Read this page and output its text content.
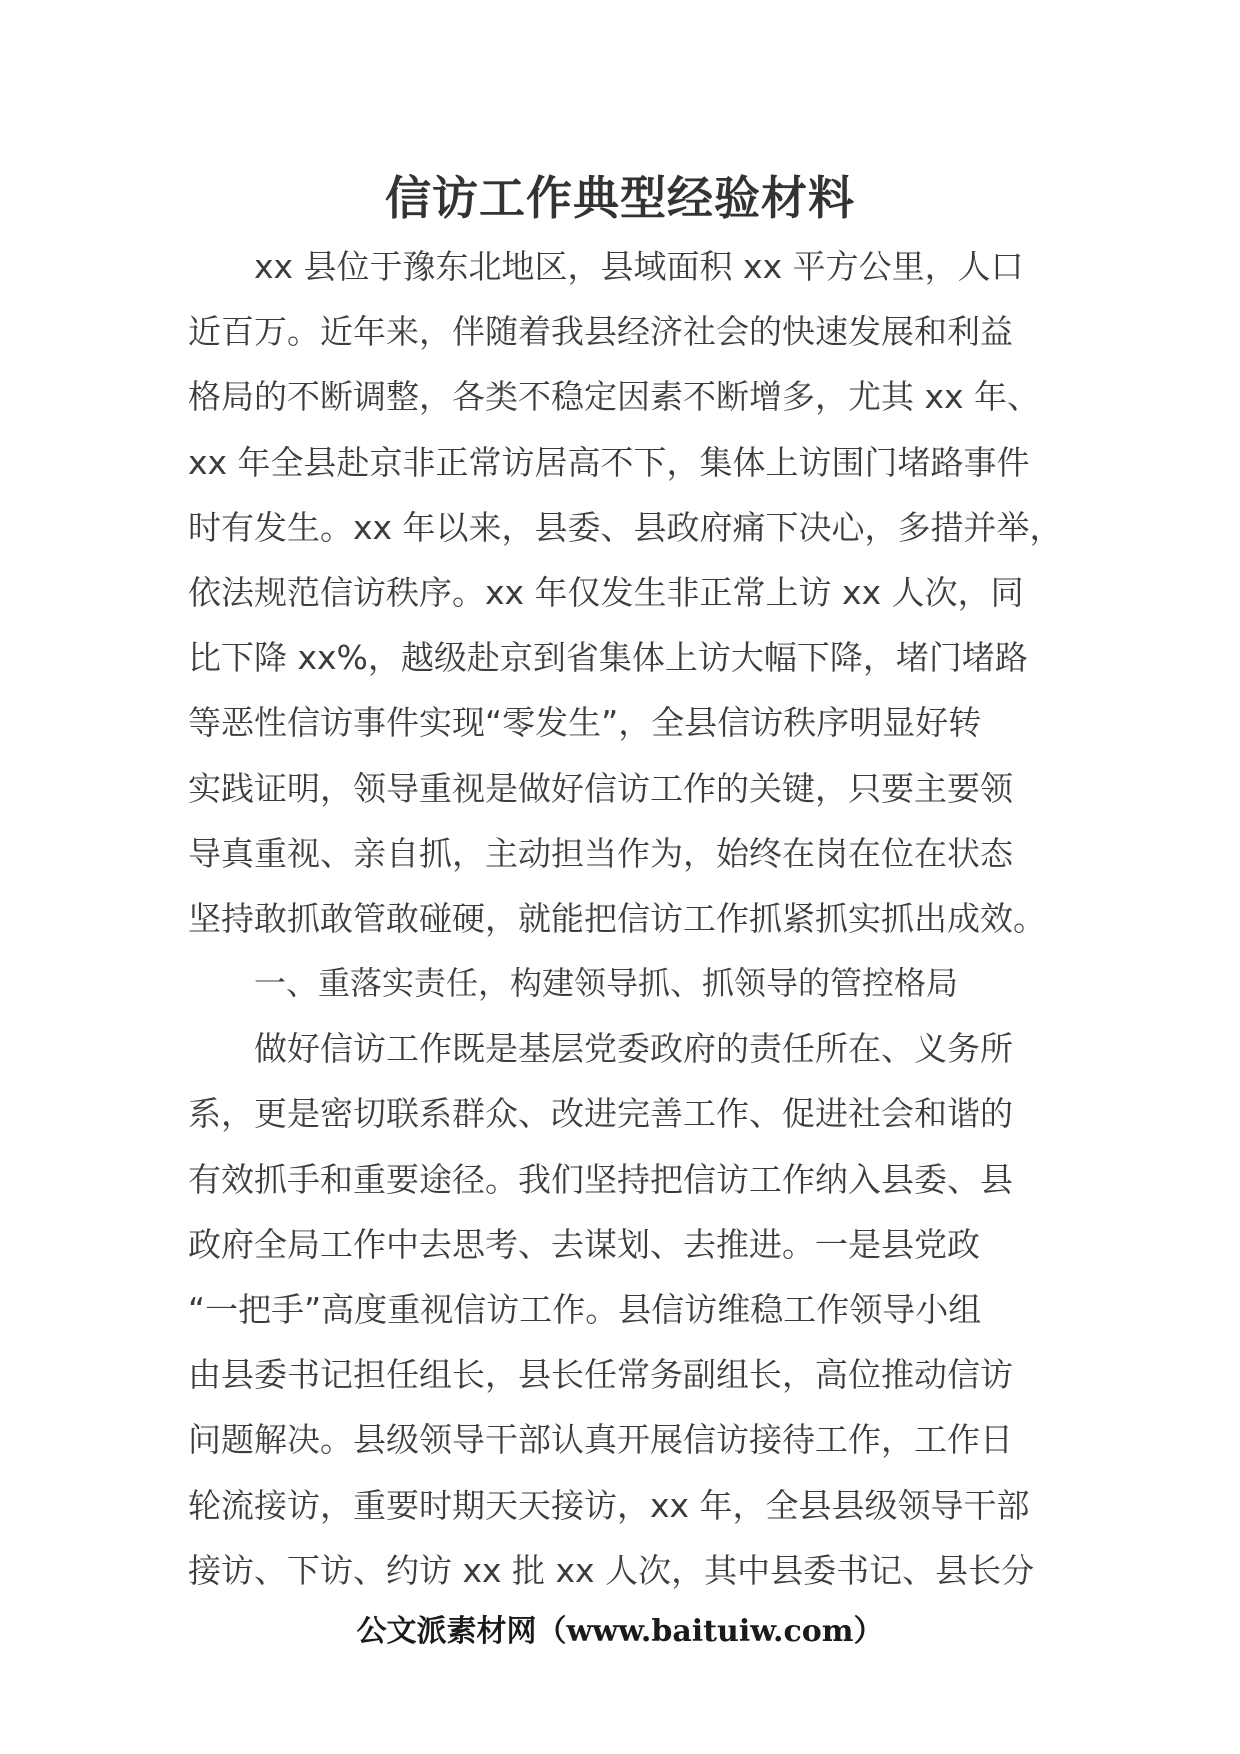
信访工作典型经验材料
xx 县位于豫东北地区，县域面积 xx 平方公里，人口
近百万。近年来，伴随着我县经济社会的快速发展和利益
格局的不断调整，各类不稳定因素不断增多，尤其 xx 年、
xx 年全县赴京非正常访居高不下，集体上访围门堵路事件
时有发生。xx 年以来，县委、县政府痛下决心，多措并举，
依法规范信访秩序。xx 年仅发生非正常上访 xx 人次，同
比下降 xx%，越级赴京到省集体上访大幅下降，堵门堵路
等恶性信访事件实现“零发生”，全县信访秩序明显好转
实践证明，领导重视是做好信访工作的关键，只要主要领
导真重视、亲自抓，主动担当作为，始终在岗在位在状态
坚持敢抓敢管敢碰硬，就能把信访工作抓紧抓实抓出成效。
一、重落实责任，构建领导抓、抓领导的管控格局
做好信访工作既是基层党委政府的责任所在、义务所
系，更是密切联系群众、改进完善工作、促进社会和谐的
有效抓手和重要途径。我们坚持把信访工作纳入县委、县
政府全局工作中去思考、去谋划、去推进。一是县党政
“一把手”高度重视信访工作。县信访维稳工作领导小组
由县委书记担任组长，县长任常务副组长，高位推动信访
问题解决。县级领导干部认真开展信访接待工作，工作日
轮流接访，重要时期天天接访，xx 年，全县县级领导干部
接访、下访、约访 xx 批 xx 人次，其中县委书记、县长分
公文派素材网（www.baituiw.com）
